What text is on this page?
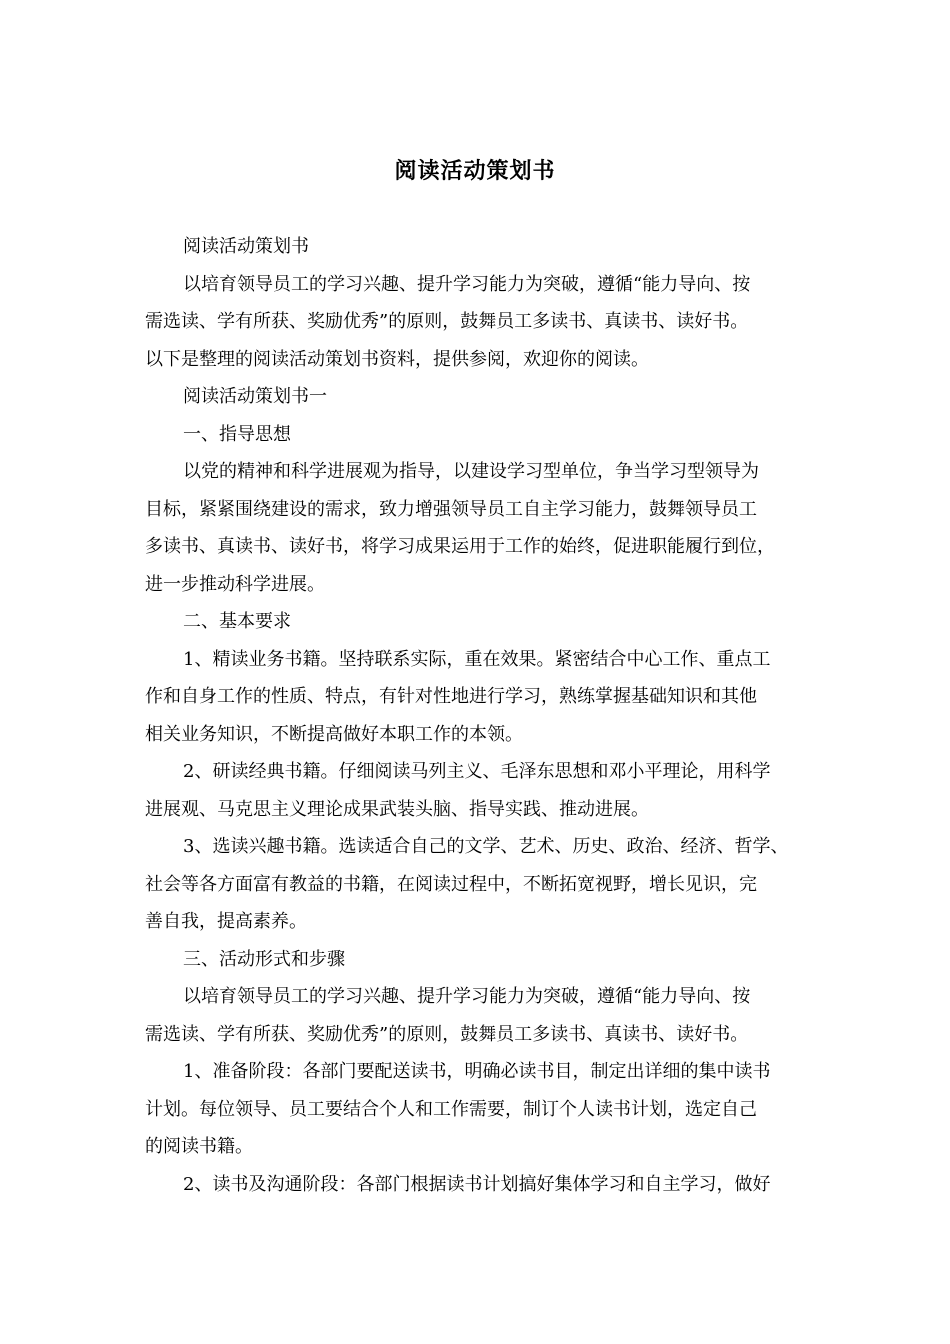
阅读活动策划书
阅读活动策划书
以培育领导员工的学习兴趣、提升学习能力为突破，遵循“能力导向、按
需选读、学有所获、奖励优秀”的原则，鼓舞员工多读书、真读书、读好书。
以下是整理的阅读活动策划书资料，提供参阅，欢迎你的阅读。
阅读活动策划书一
一、指导思想
以党的精神和科学进展观为指导，以建设学习型单位，争当学习型领导为
目标，紧紧围绕建设的需求，致力增强领导员工自主学习能力，鼓舞领导员工
多读书、真读书、读好书，将学习成果运用于工作的始终，促进职能履行到位，
进一步推动科学进展。
二、基本要求
1、精读业务书籍。坚持联系实际，重在效果。紧密结合中心工作、重点工
作和自身工作的性质、特点，有针对性地进行学习，熟练掌握基础知识和其他
相关业务知识，不断提高做好本职工作的本领。
2、研读经典书籍。仔细阅读马列主义、毛泽东思想和邓小平理论，用科学
进展观、马克思主义理论成果武装头脑、指导实践、推动进展。
3、选读兴趣书籍。选读适合自己的文学、艺术、历史、政治、经济、哲学、
社会等各方面富有教益的书籍，在阅读过程中，不断拓宽视野，增长见识，完
善自我，提高素养。
三、活动形式和步骤
以培育领导员工的学习兴趣、提升学习能力为突破，遵循“能力导向、按
需选读、学有所获、奖励优秀”的原则，鼓舞员工多读书、真读书、读好书。
1、准备阶段：各部门要配送读书，明确必读书目，制定出详细的集中读书
计划。每位领导、员工要结合个人和工作需要，制订个人读书计划，选定自己
的阅读书籍。
2、读书及沟通阶段：各部门根据读书计划搞好集体学习和自主学习，做好
